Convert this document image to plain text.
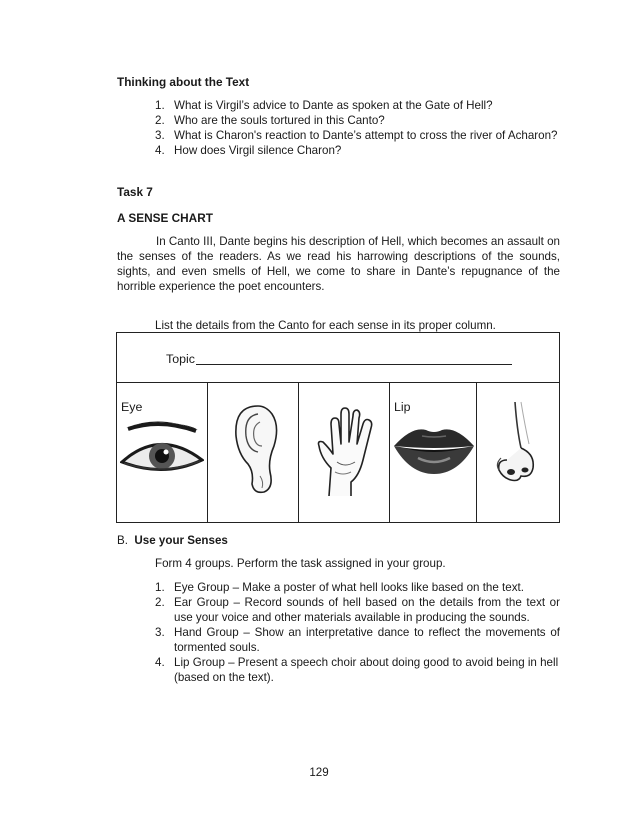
Thinking about the Text
1. What is Virgil’s advice to Dante as spoken at the Gate of Hell?
2. Who are the souls tortured in this Canto?
3. What is Charon's reaction to Dante’s attempt to cross the river of Acharon?
4. How does Virgil silence Charon?
Task 7
A SENSE CHART
In Canto III, Dante begins his description of Hell, which becomes an assault on the senses of the readers. As we read his harrowing descriptions of the sounds, sights, and even smells of Hell, we come to share in Dante’s repugnance of the horrible experience the poet encounters.
List the details from the Canto for each sense in its proper column.
Topic
Eye	Lip
B. Use your Senses
Form 4 groups. Perform the task assigned in your group.
1. Eye Group – Make a poster of what hell looks like based on the text.
2. Ear Group – Record sounds of hell based on the details from the text or use your voice and other materials available in producing the sounds.
3. Hand Group – Show an interpretative dance to reflect the movements of tormented souls.
4. Lip Group – Present a speech choir about doing good to avoid being in hell (based on the text).
129
